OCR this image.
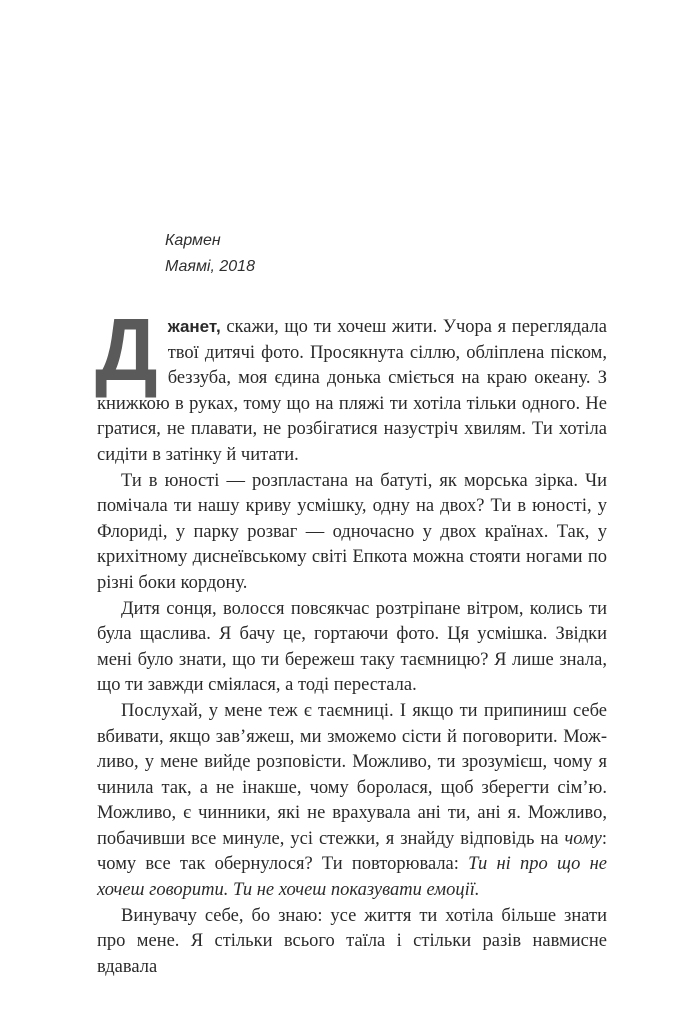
Кармен
Маямі, 2018

Джанет, скажи, що ти хочеш жити. Учора я переглядала твої дитячі фото. Просякнута сіллю, обліплена піском, беззуба, моя єдина донька сміється на краю океану. З книжкою в руках, тому що на пляжі ти хотіла тільки одного. Не гратися, не плавати, не розбігатися назустріч хвилям. Ти хотіла сидіти в затінку й читати.

Ти в юності — розпластана на батуті, як морська зірка. Чи помічала ти нашу криву усмішку, одну на двох? Ти в юності, у Флориді, у парку розваг — одночасно у двох країнах. Так, у крихітному диснеївському світі Епкота можна стояти ногами по різні боки кордону.

Дитя сонця, волосся повсякчас розтріпане вітром, колись ти була щаслива. Я бачу це, гортаючи фото. Ця усмішка. Звідки мені було знати, що ти бережеш таку таємницю? Я лише знала, що ти завжди сміялася, а тоді перестала.

Послухай, у мене теж є таємниці. І якщо ти припиниш себе вбивати, якщо зав’яжеш, ми зможемо сісти й поговорити. Можливо, у мене вийде розповісти. Можливо, ти зрозумієш, чому я чинила так, а не інакше, чому боролася, щоб зберегти сім’ю. Можливо, є чинники, які не врахувала ані ти, ані я. Можливо, побачивши все минуле, усі стежки, я знайду відповідь на чому: чому все так обернулося? Ти повторювала: Ти ні про що не хочеш говорити. Ти не хочеш показувати емоції.

Винувачу себе, бо знаю: усе життя ти хотіла більше знати про мене. Я стільки всього таїла і стільки разів навмисне вдавала
